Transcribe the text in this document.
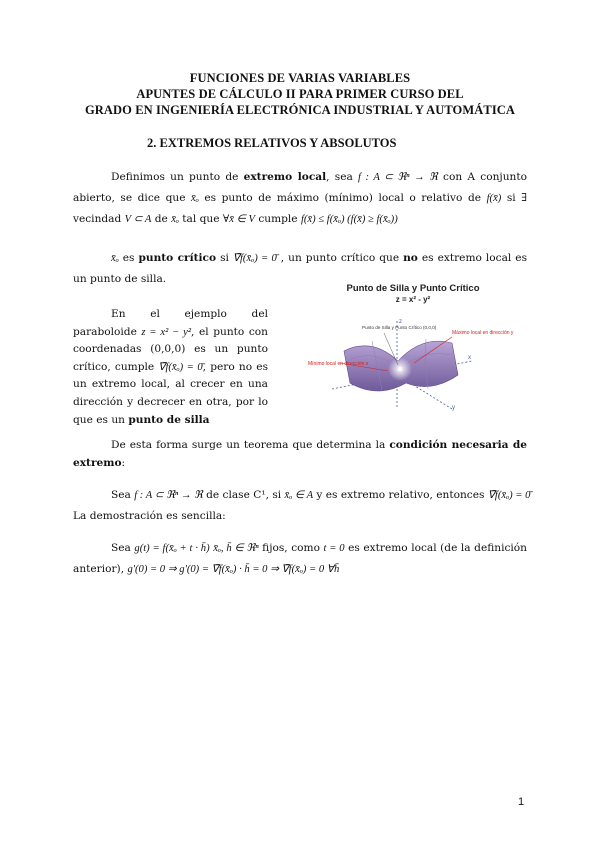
FUNCIONES DE VARIAS VARIABLES
APUNTES DE CÁLCULO II PARA PRIMER CURSO DEL
GRADO EN INGENIERÍA ELECTRÓNICA INDUSTRIAL Y AUTOMÁTICA
2. EXTREMOS RELATIVOS Y ABSOLUTOS
Definimos un punto de extremo local, sea f : A ⊂ ℜⁿ → ℜ con A conjunto abierto, se dice que x̄ₒ es punto de máximo (mínimo) local o relativo de f(x̄) si ∃ vecindad V ⊂ A de x̄ₒ tal que ∀x̄ ∈ V cumple f(x̄) ≤ f(x̄ₒ) (f(x̄) ≥ f(x̄ₒ))
x̄ₒ es punto crítico si ∇̄f(x̄ₒ) = 0̄ , un punto crítico que no es extremo local es un punto de silla.
En el ejemplo del paraboloide z = x² − y², el punto con coordenadas (0,0,0) es un punto crítico, cumple ∇̄f(x̄ₒ) = 0̄, pero no es un extremo local, al crecer en una dirección y decrecer en otra, por lo que es un punto de silla
Punto de Silla y Punto Crítico
z = x² - y²
z
y
x
Punto de Silla y Punto Crítico (0,0,0)
Máximo local en dirección y
Mínimo local en dirección x
De esta forma surge un teorema que determina la condición necesaria de extremo:
Sea f : A ⊂ ℜⁿ → ℜ de clase C¹, si x̄ₒ ∈ A y es extremo relativo, entonces ∇̄f(x̄ₒ) = 0̄
La demostración es sencilla:
Sea g(t) = f(x̄ₒ + t · h̄) x̄ₒ, h̄ ∈ ℜⁿ fijos, como t = 0 es extremo local (de la definición anterior), g'(0) = 0 ⇒ g'(0) = ∇̄f(x̄ₒ) · h̄ = 0 ⇒ ∇̄f(x̄ₒ) = 0 ∀h̄
1
